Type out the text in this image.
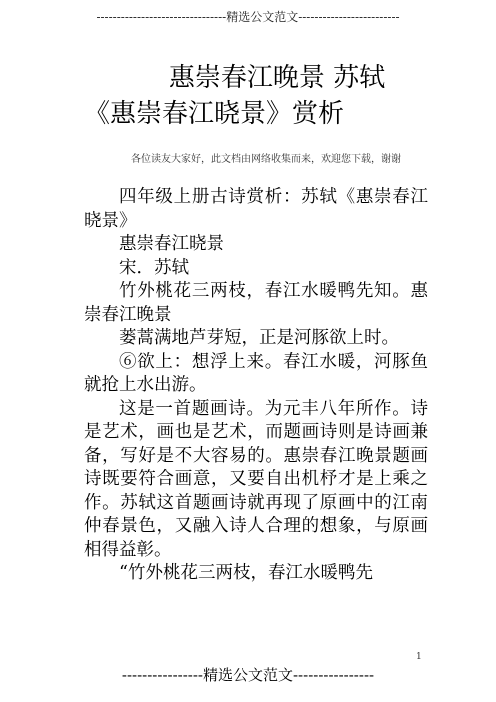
--------------------------------精选公文范文-------------------------
惠崇春江晚景 苏轼
《惠崇春江晓景》赏析
各位读友大家好，此文档由网络收集而来，欢迎您下载，谢谢

四年级上册古诗赏析：苏轼《惠崇春江晓景》

惠崇春江晓景

宋．苏轼

竹外桃花三两枝，春江水暖鸭先知。惠崇春江晚景

蒌蒿满地芦芽短，正是河豚欲上时。

⑥欲上：想浮上来。春江水暖，河豚鱼就抢上水出游。

这是一首题画诗。为元丰八年所作。诗是艺术，画也是艺术，而题画诗则是诗画兼备，写好是不大容易的。惠崇春江晚景题画诗既要符合画意，又要自出机杼才是上乘之作。苏轼这首题画诗就再现了原画中的江南仲春景色，又融入诗人合理的想象，与原画相得益彰。

“竹外桃花三两枝，春江水暖鸭先

1
----------------精选公文范文----------------
